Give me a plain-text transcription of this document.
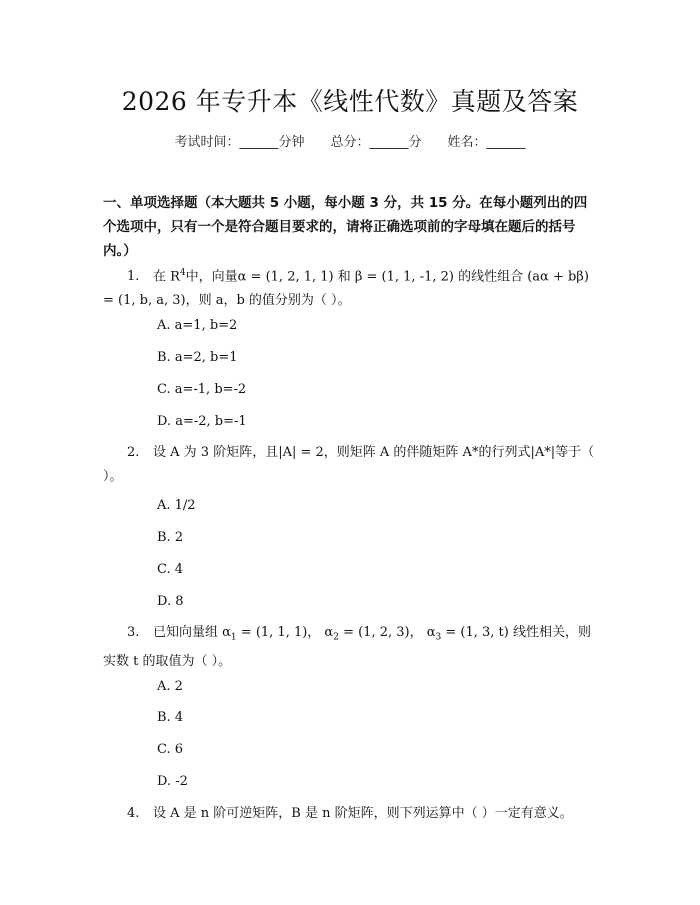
2026 年专升本《线性代数》真题及答案
考试时间：______分钟 总分：______分 姓名：______
一、单项选择题（本大题共 5 小题，每小题 3 分，共 15 分。在每小题列出的四个选项中，只有一个是符合题目要求的，请将正确选项前的字母填在题后的括号内。）

1. 在 $R^4$中，向量α = (1, 2, 1, 1) 和 β = (1, 1, -1, 2) 的线性组合 (aα + bβ) = (1, b, a, 3)，则 a，b 的值分别为（ ）。

A. a=1, b=2
B. a=2, b=1
C. a=-1, b=-2
D. a=-2, b=-1

2. 设 A 为 3 阶矩阵，且|A| = 2，则矩阵 A 的伴随矩阵 A*的行列式|A*|等于（ ）。

A. 1/2
B. 2
C. 4
D. 8

3. 已知向量组 $\alpha_1 = (1$, 1, 1)， $\alpha_2 = (1$, 2, 3)， $\alpha_3 = (1$, 3, t) 线性相关，则实数 t 的取值为（ ）。

A. 2
B. 4
C. 6
D. -2

4. 设 A 是 n 阶可逆矩阵，B 是 n 阶矩阵，则下列运算中（ ）一定有意义。
